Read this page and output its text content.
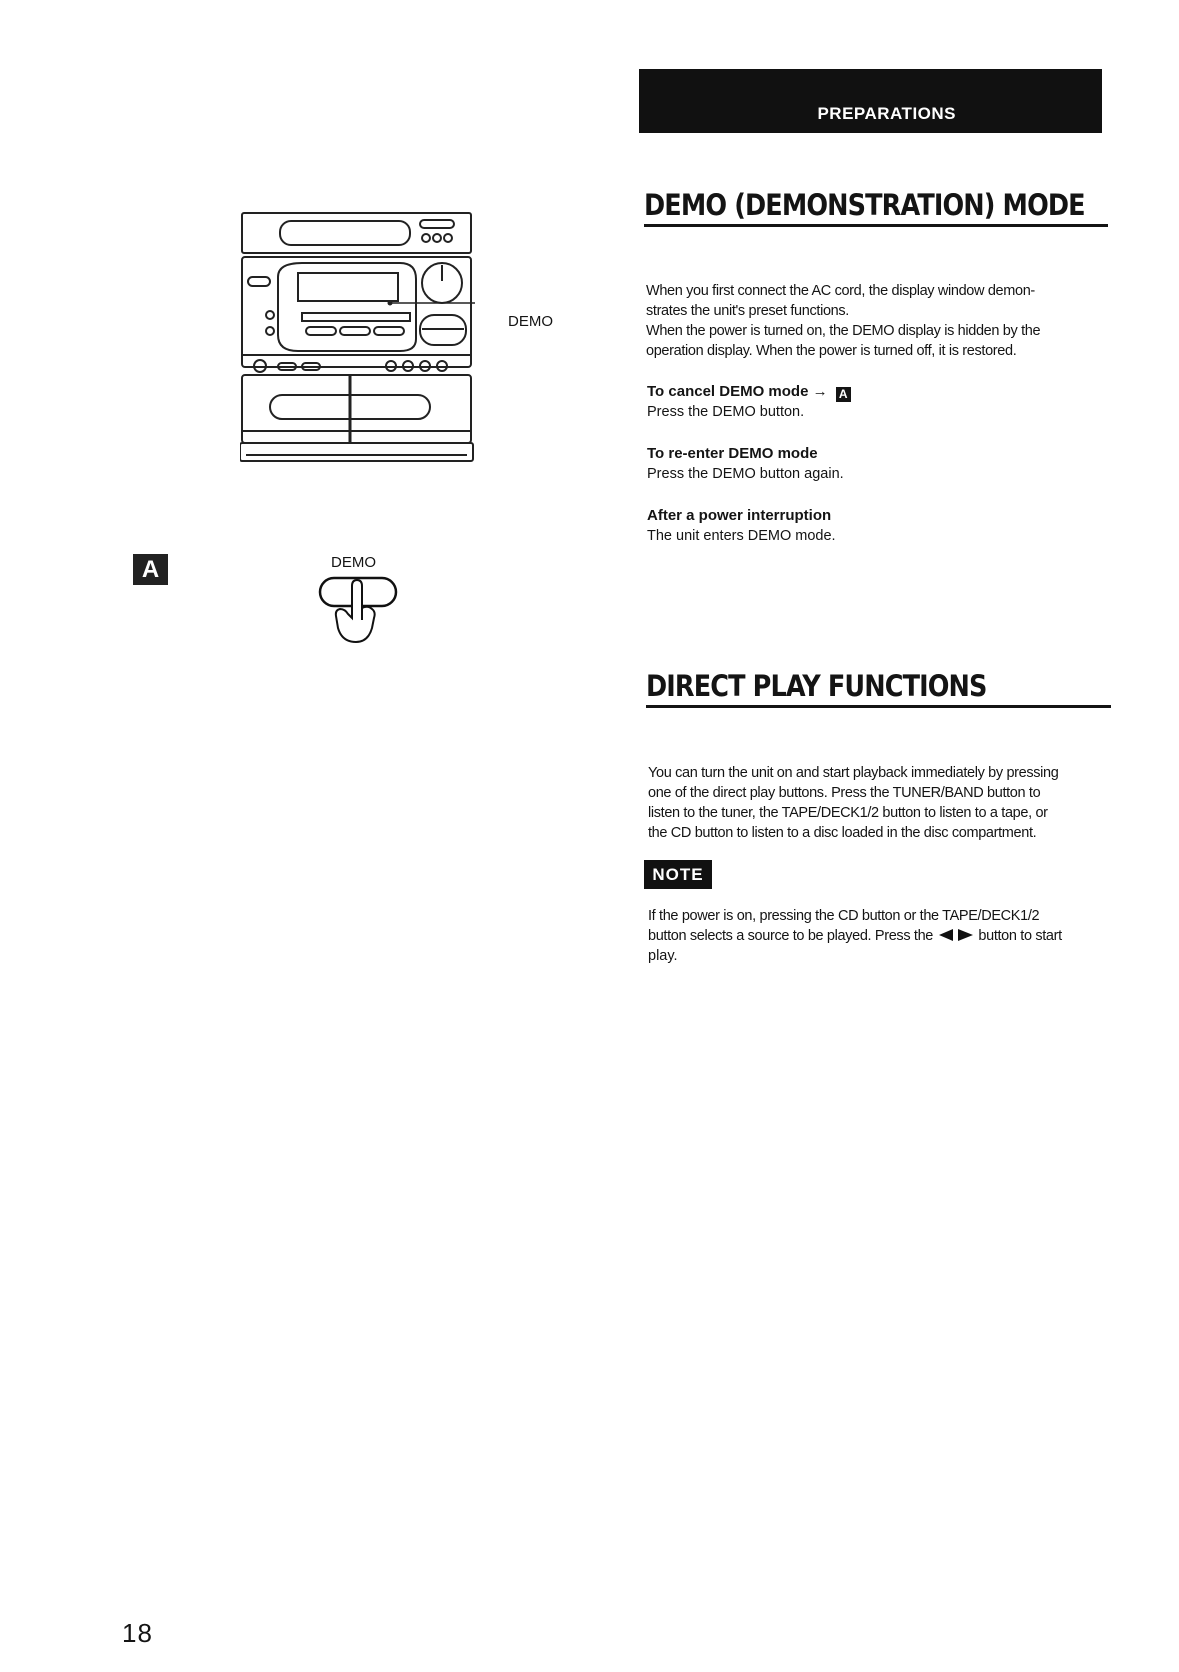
PREPARATIONS

DEMO (DEMONSTRATION) MODE

When you first connect the AC cord, the display window demon-

strates the unit's preset functions.

When the power is turned on, the DEMO display is hidden by the

operation display. When the power is turned off, it is restored.

To cancel DEMO mode → A

Press the DEMO button.

To re-enter DEMO mode

Press the DEMO button again.

After a power interruption

The unit enters DEMO mode.

DEMO

A	DEMO

DIRECT PLAY FUNCTIONS

You can turn the unit on and start playback immediately by pressing

one of the direct play buttons. Press the TUNER/BAND button to

listen to the tuner, the TAPE/DECK1/2 button to listen to a tape, or

the CD button to listen to a disc loaded in the disc compartment.

NOTE

If the power is on, pressing the CD button or the TAPE/DECK1/2

button selects a source to be played. Press the	button to start

play.

18
